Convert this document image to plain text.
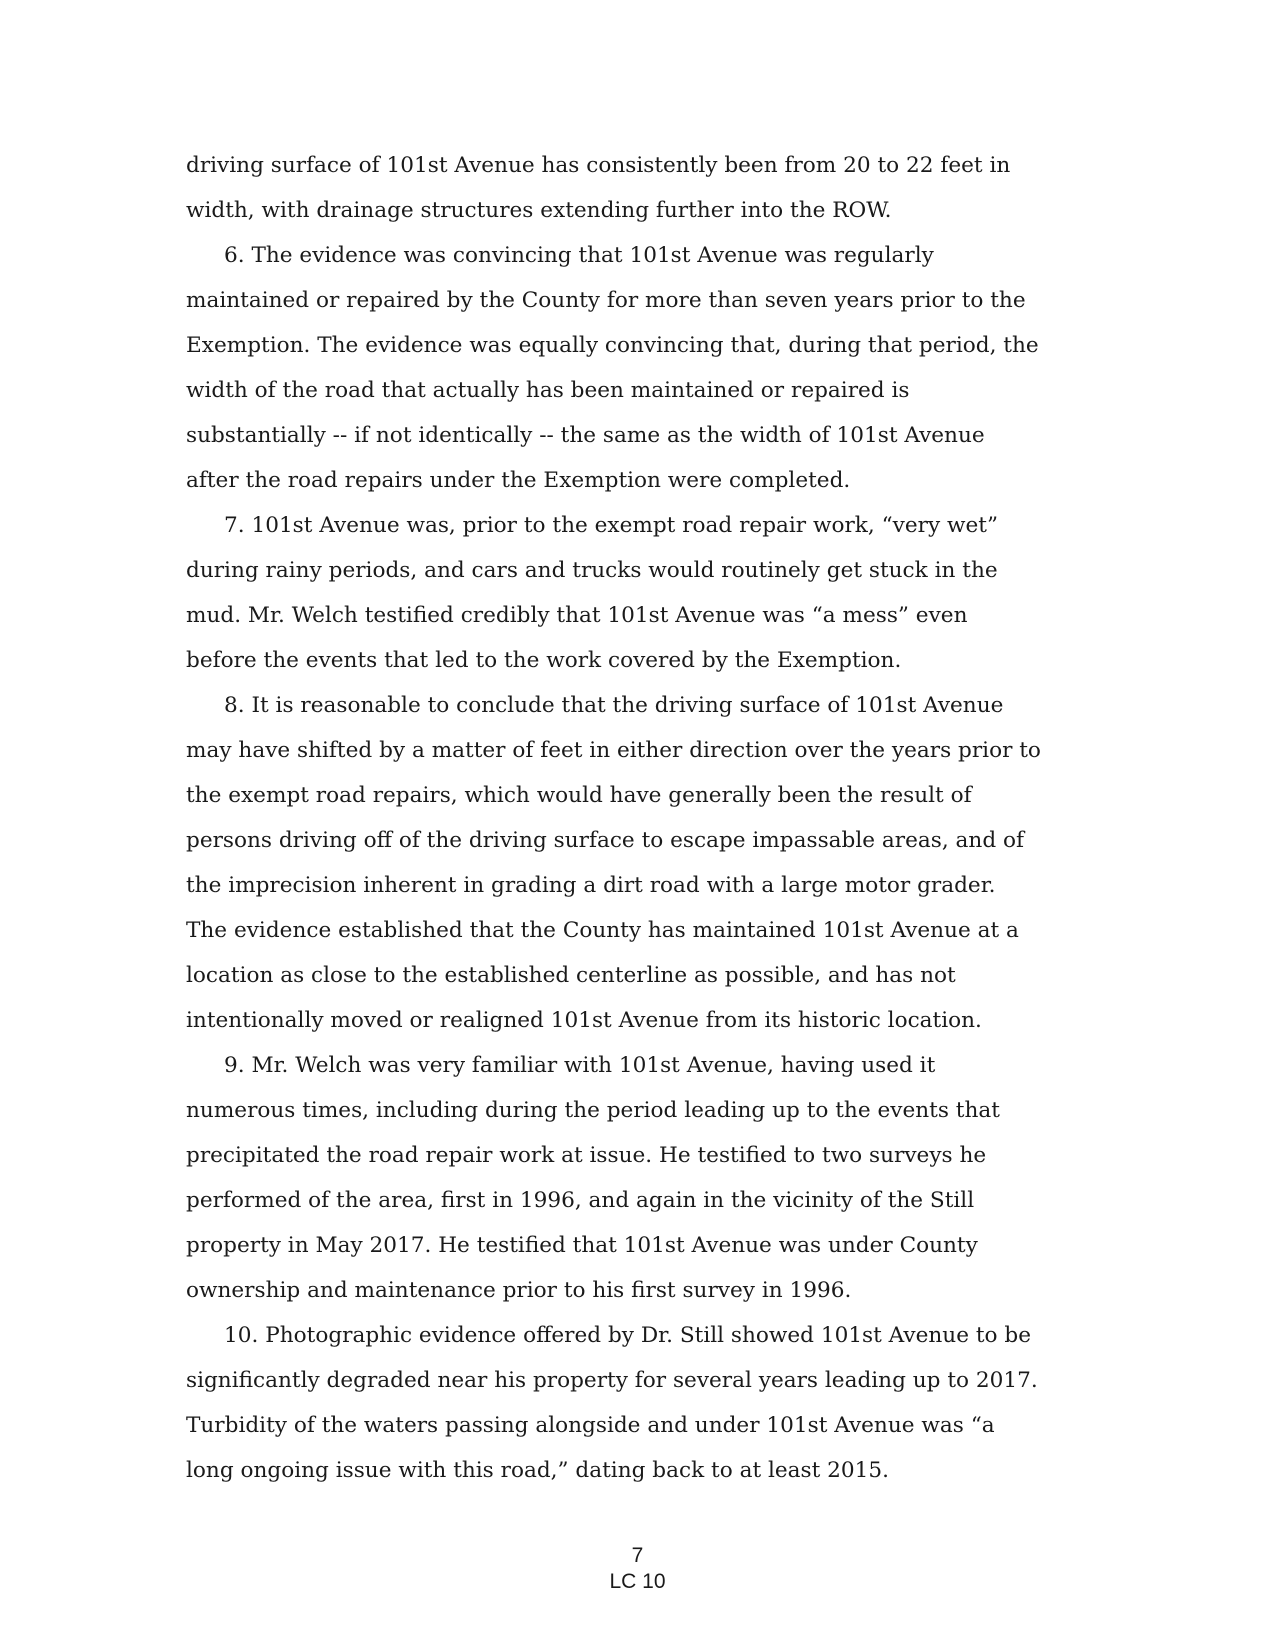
driving surface of 101st Avenue has consistently been from 20 to 22 feet in
width, with drainage structures extending further into the ROW.
6. The evidence was convincing that 101st Avenue was regularly
maintained or repaired by the County for more than seven years prior to the
Exemption. The evidence was equally convincing that, during that period, the
width of the road that actually has been maintained or repaired is
substantially -- if not identically -- the same as the width of 101st Avenue
after the road repairs under the Exemption were completed.
7. 101st Avenue was, prior to the exempt road repair work, “very wet”
during rainy periods, and cars and trucks would routinely get stuck in the
mud. Mr. Welch testified credibly that 101st Avenue was “a mess” even
before the events that led to the work covered by the Exemption.
8. It is reasonable to conclude that the driving surface of 101st Avenue
may have shifted by a matter of feet in either direction over the years prior to
the exempt road repairs, which would have generally been the result of
persons driving off of the driving surface to escape impassable areas, and of
the imprecision inherent in grading a dirt road with a large motor grader.
The evidence established that the County has maintained 101st Avenue at a
location as close to the established centerline as possible, and has not
intentionally moved or realigned 101st Avenue from its historic location.
9. Mr. Welch was very familiar with 101st Avenue, having used it
numerous times, including during the period leading up to the events that
precipitated the road repair work at issue. He testified to two surveys he
performed of the area, first in 1996, and again in the vicinity of the Still
property in May 2017. He testified that 101st Avenue was under County
ownership and maintenance prior to his first survey in 1996.
10. Photographic evidence offered by Dr. Still showed 101st Avenue to be
significantly degraded near his property for several years leading up to 2017.
Turbidity of the waters passing alongside and under 101st Avenue was “a
long ongoing issue with this road,” dating back to at least 2015.
7
LC 10
